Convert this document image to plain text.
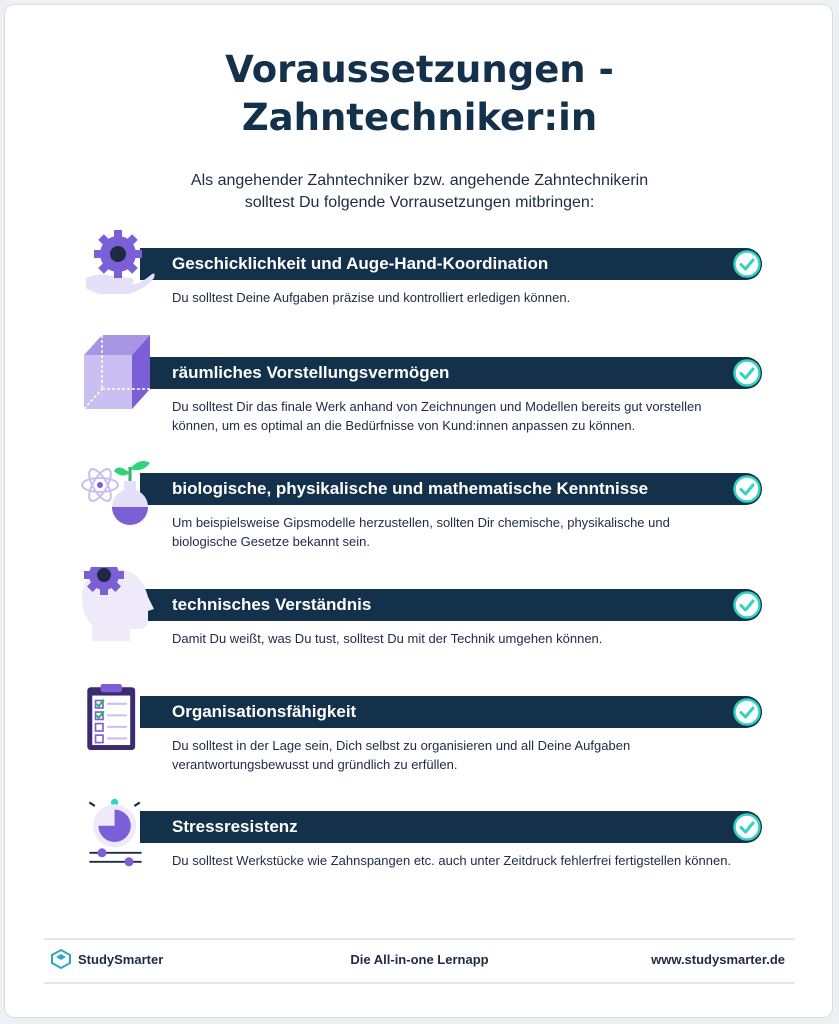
Voraussetzungen -
Zahntechniker:in
Als angehender Zahntechniker bzw. angehende Zahntechnikerin
solltest Du folgende Vorrausetzungen mitbringen:
Geschicklichkeit und Auge-Hand-Koordination
Du solltest Deine Aufgaben präzise und kontrolliert erledigen können.
räumliches Vorstellungsvermögen
Du solltest Dir das finale Werk anhand von Zeichnungen und Modellen bereits gut vorstellen können, um es optimal an die Bedürfnisse von Kund:innen anpassen zu können.
biologische, physikalische und mathematische Kenntnisse
Um beispielsweise Gipsmodelle herzustellen, sollten Dir chemische, physikalische und biologische Gesetze bekannt sein.
technisches Verständnis
Damit Du weißt, was Du tust, solltest Du mit der Technik umgehen können.
Organisationsfähigkeit
Du solltest in der Lage sein, Dich selbst zu organisieren und all Deine Aufgaben verantwortungsbewusst und gründlich zu erfüllen.
Stressresistenz
Du solltest Werkstücke wie Zahnspangen etc. auch unter Zeitdruck fehlerfrei fertigstellen können.
StudySmarter	Die All-in-one Lernapp	www.studysmarter.de
